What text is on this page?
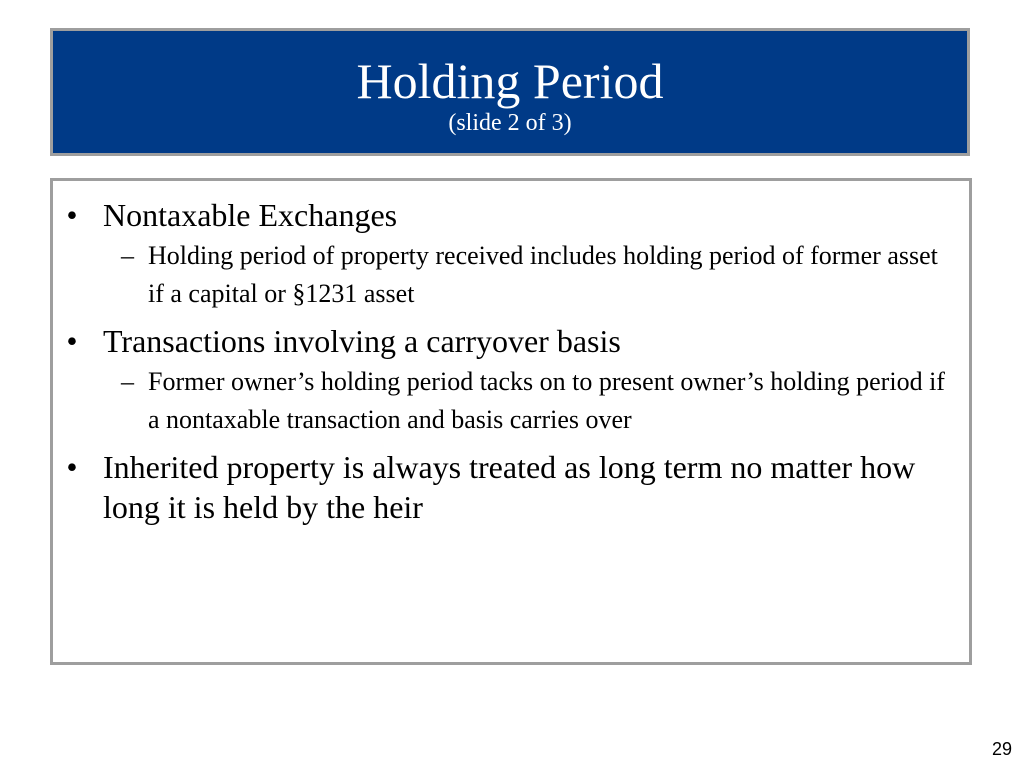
Holding Period
(slide 2 of 3)
• Nontaxable Exchanges
– Holding period of property received includes holding period of former asset if a capital or §1231 asset
• Transactions involving a carryover basis
– Former owner’s holding period tacks on to present owner’s holding period if a nontaxable transaction and basis carries over
• Inherited property is always treated as long term no matter how long it is held by the heir
29
